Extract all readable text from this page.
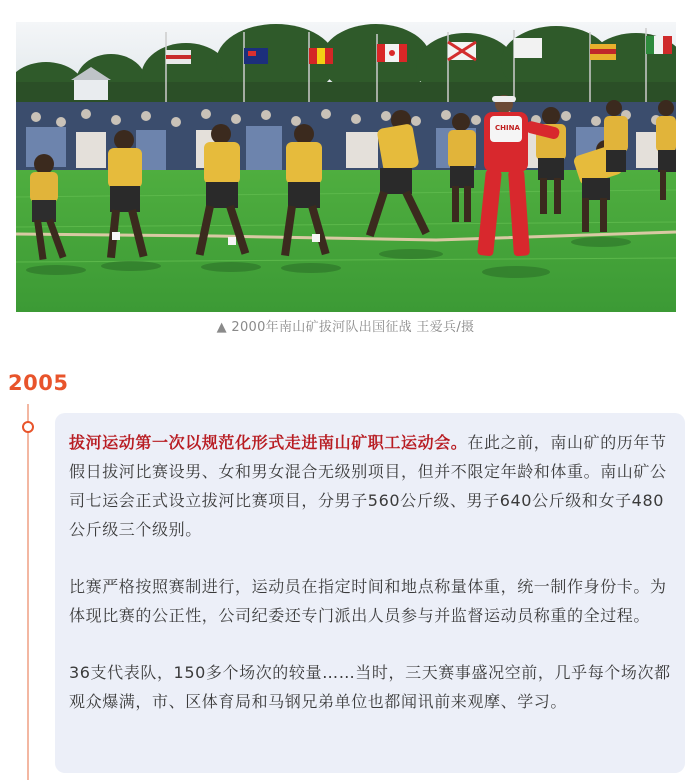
CHINA
▲ 2000年南山矿拔河队出国征战 王爱兵/摄
2005

拔河运动第一次以规范化形式走进南山矿职工运动会。在此之前，南山矿的历年节假日拔河比赛设男、女和男女混合无级别项目，但并不限定年龄和体重。南山矿公司七运会正式设立拔河比赛项目，分男子560公斤级、男子640公斤级和女子480公斤级三个级别。

比赛严格按照赛制进行，运动员在指定时间和地点称量体重，统一制作身份卡。为体现比赛的公正性，公司纪委还专门派出人员参与并监督运动员称重的全过程。

36支代表队，150多个场次的较量……当时，三天赛事盛况空前，几乎每个场次都观众爆满，市、区体育局和马钢兄弟单位也都闻讯前来观摩、学习。
